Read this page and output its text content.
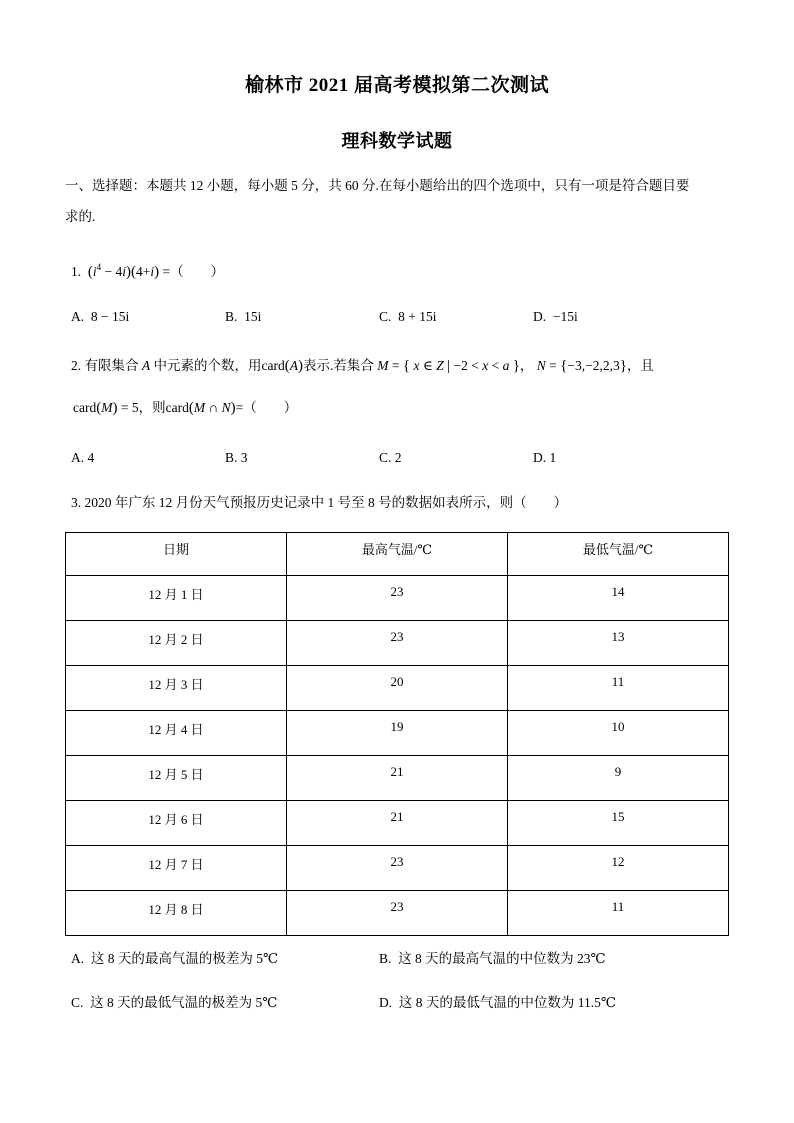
榆林市 2021 届高考模拟第二次测试
理科数学试题
一、选择题：本题共 12 小题，每小题 5 分，共 60 分.在每小题给出的四个选项中，只有一项是符合题目要
求的.
1. $(i^4 - 4i)(4+i)$ =（　　）
A. 8 − 15i	B. 15i	C. 8 + 15i	D. −15i
2. 有限集合 A 中元素的个数，用card(A)表示.若集合 M = { x ∈ Z | −2 < x < a }， N = {−3,−2,2,3}，且
card(M) = 5，则card(M ∩ N)=（　　）
A. 4	B. 3	C. 2	D. 1
3. 2020 年广东 12 月份天气预报历史记录中 1 号至 8 号的数据如表所示，则（　　）
日期	最高气温/℃	最低气温/℃
12 月 1 日	23	14
12 月 2 日	23	13
12 月 3 日	20	11
12 月 4 日	19	10
12 月 5 日	21	9
12 月 6 日	21	15
12 月 7 日	23	12
12 月 8 日	23	11
A. 这 8 天的最高气温的极差为 5℃	B. 这 8 天的最高气温的中位数为 23℃
C. 这 8 天的最低气温的极差为 5℃	D. 这 8 天的最低气温的中位数为 11.5℃
